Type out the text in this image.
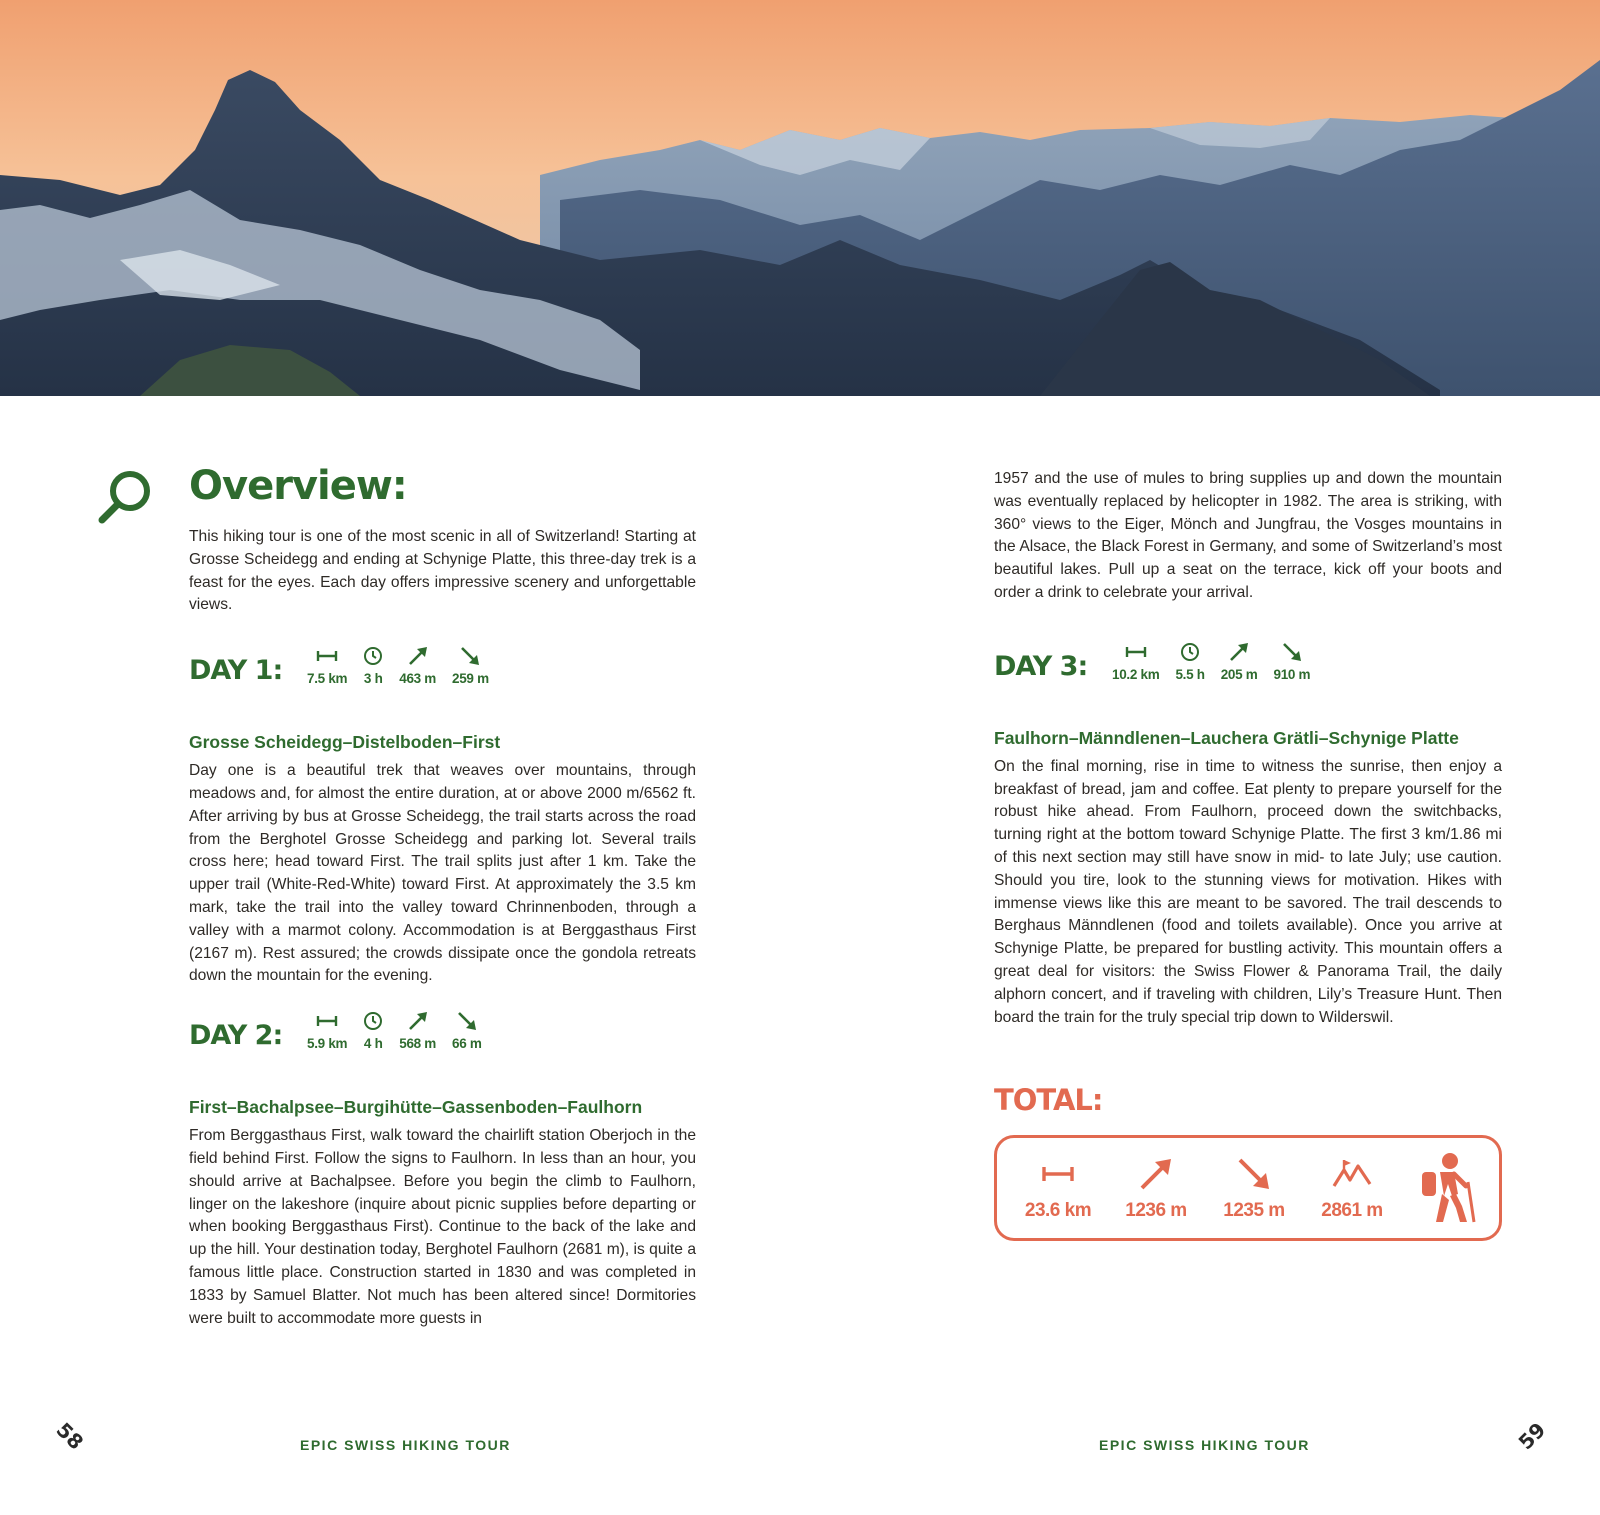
Overview:

This hiking tour is one of the most scenic in all of Switzerland! Starting at Grosse Scheidegg and ending at Schynige Platte, this three-day trek is a feast for the eyes. Each day offers impressive scenery and unforgettable views.

DAY 1:	7.5 km 3 h 463 m 259 m
Grosse Scheidegg–Distelboden–First

Day one is a beautiful trek that weaves over mountains, through meadows and, for almost the entire duration, at or above 2000 m/6562 ft. After arriving by bus at Grosse Scheidegg, the trail starts across the road from the Berghotel Grosse Scheidegg and parking lot. Several trails cross here; head toward First. The trail splits just after 1 km. Take the upper trail (White-Red-White) toward First. At approximately the 3.5 km mark, take the trail into the valley toward Chrinnenboden, through a valley with a marmot colony. Accommodation is at Berggasthaus First (2167 m). Rest assured; the crowds dissipate once the gondola retreats down the mountain for the evening.

DAY 2:	5.9 km 4 h 568 m 66 m
First–Bachalpsee–Burgihütte–Gassenboden–Faulhorn

From Berggasthaus First, walk toward the chairlift station Oberjoch in the field behind First. Follow the signs to Faulhorn. In less than an hour, you should arrive at Bachalpsee. Before you begin the climb to Faulhorn, linger on the lakeshore (inquire about picnic supplies before departing or when booking Berggasthaus First). Continue to the back of the lake and up the hill. Your destination today, Berghotel Faulhorn (2681 m), is quite a famous little place. Construction started in 1830 and was completed in 1833 by Samuel Blatter. Not much has been altered since! Dormitories were built to accommodate more guests in

1957 and the use of mules to bring supplies up and down the mountain was eventually replaced by helicopter in 1982. The area is striking, with 360° views to the Eiger, Mönch and Jungfrau, the Vosges mountains in the Alsace, the Black Forest in Germany, and some of Switzerland’s most beautiful lakes. Pull up a seat on the terrace, kick off your boots and order a drink to celebrate your arrival.

DAY 3:	10.2 km 5.5 h 205 m 910 m
Faulhorn–Männdlenen–Lauchera Grätli–Schynige Platte

On the final morning, rise in time to witness the sunrise, then enjoy a breakfast of bread, jam and coffee. Eat plenty to prepare yourself for the robust hike ahead. From Faulhorn, proceed down the switchbacks, turning right at the bottom toward Schynige Platte. The first 3 km/1.86 mi of this next section may still have snow in mid- to late July; use caution. Should you tire, look to the stunning views for motivation. Hikes with immense views like this are meant to be savored. The trail descends to Berghaus Männdlenen (food and toilets available). Once you arrive at Schynige Platte, be prepared for bustling activity. This mountain offers a great deal for visitors: the Swiss Flower & Panorama Trail, the daily alphorn concert, and if traveling with children, Lily’s Treasure Hunt. Then board the train for the truly special trip down to Wilderswil.

TOTAL:
23.6 km 1236 m 1235 m 2861 m
58	EPIC SWISS HIKING TOUR	EPIC SWISS HIKING TOUR	59
